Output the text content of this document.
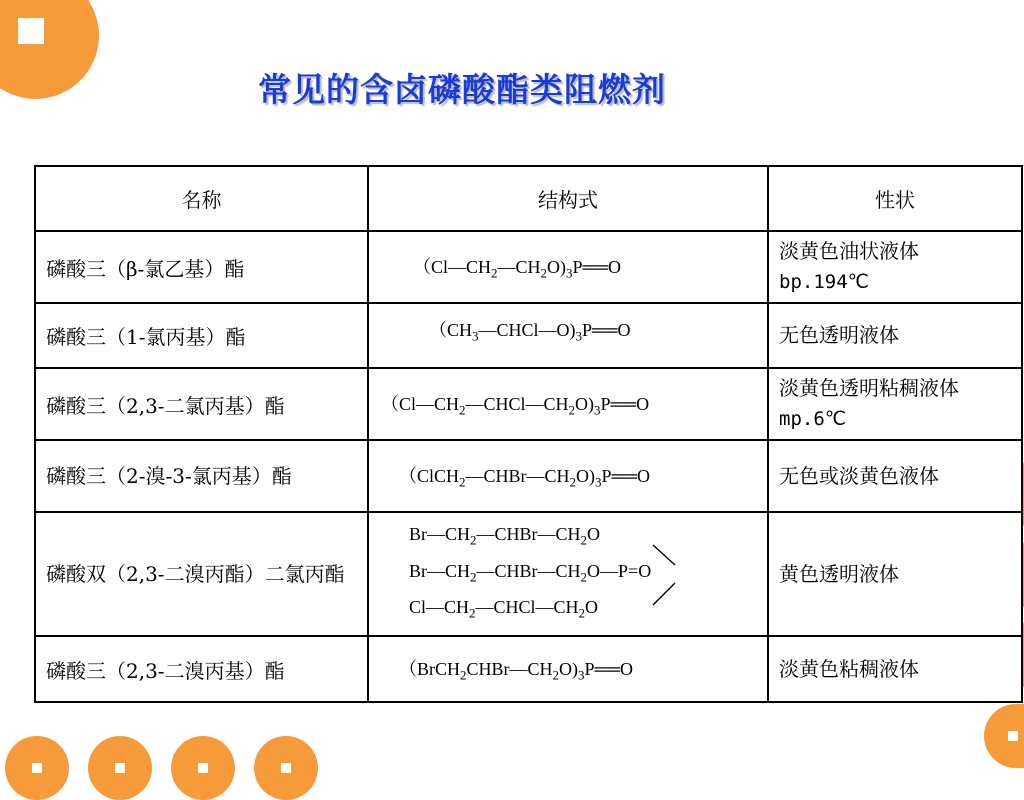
常见的含卤磷酸酯类阻燃剂
名称	结构式	性状
磷酸三（β-氯乙基）酯	$(Cl—CH_2—CH_2O)_3P══O$	淡黄色油状液体
bp.194℃

磷酸三（1-氯丙基）酯	$(CH_3—CHCl—O)_3P══O$	无色透明液体

磷酸三（2,3-二氯丙基）酯	$(Cl—CH_2—CHCl—CH_2O)_3P══O$	淡黄色透明粘稠液体
mp.6℃

磷酸三（2-溴-3-氯丙基）酯	$(ClCH_2—CHBr—CH_2O)_3P══O$	无色或淡黄色液体

磷酸双（2,3-二溴丙酯）二氯丙酯	$Br—CH_2—CHBr—CH_2O$
$Br—CH_2—CHBr—CH_2O—P=O$
$Cl—CH_2—CHCl—CH_2O$	黄色透明液体

磷酸三（2,3-二溴丙基）酯	$(BrCH_2CHBr—CH_2O)_3P══O$	淡黄色粘稠液体
